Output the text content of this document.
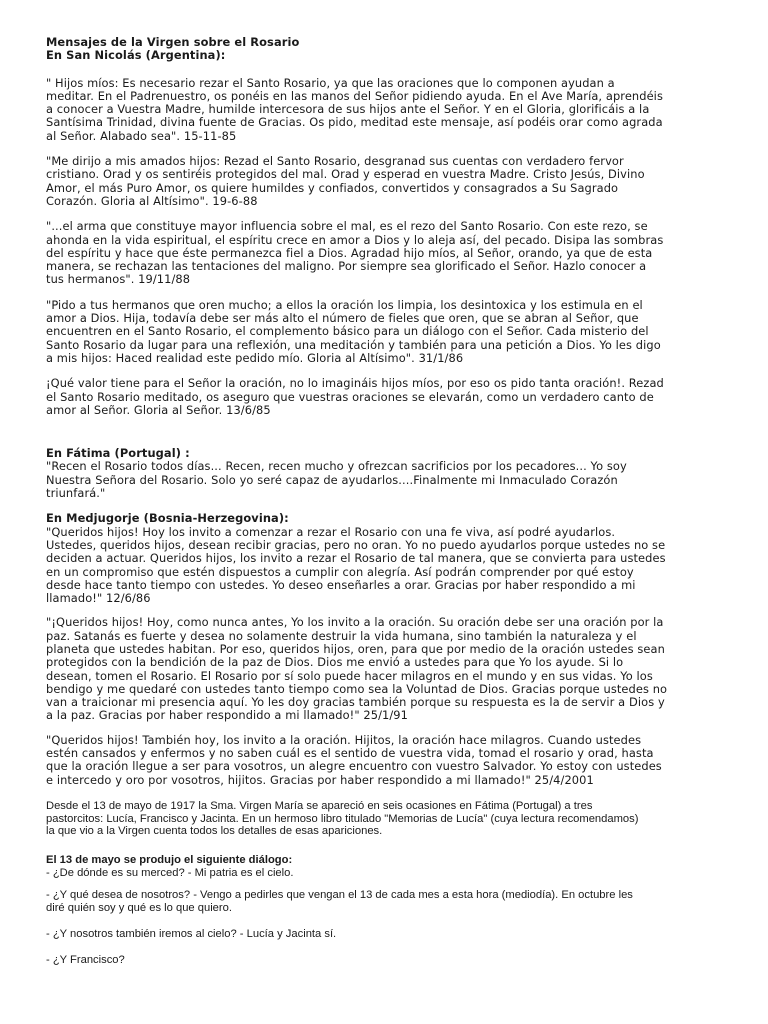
Mensajes de la Virgen sobre el Rosario

En San Nicolás (Argentina):

" Hijos míos: Es necesario rezar el Santo Rosario, ya que las oraciones que lo componen ayudan a
meditar. En el Padrenuestro, os ponéis en las manos del Señor pidiendo ayuda. En el Ave María, aprendéis
a conocer a Vuestra Madre, humilde intercesora de sus hijos ante el Señor. Y en el Gloria, glorificáis a la
Santísima Trinidad, divina fuente de Gracias. Os pido, meditad este mensaje, así podéis orar como agrada
al Señor. Alabado sea". 15-11-85

"Me dirijo a mis amados hijos: Rezad el Santo Rosario, desgranad sus cuentas con verdadero fervor
cristiano. Orad y os sentiréis protegidos del mal. Orad y esperad en vuestra Madre. Cristo Jesús, Divino
Amor, el más Puro Amor, os quiere humildes y confiados, convertidos y consagrados a Su Sagrado
Corazón. Gloria al Altísimo". 19-6-88

"...el arma que constituye mayor influencia sobre el mal, es el rezo del Santo Rosario. Con este rezo, se
ahonda en la vida espiritual, el espíritu crece en amor a Dios y lo aleja así, del pecado. Disipa las sombras
del espíritu y hace que éste permanezca fiel a Dios. Agradad hijo míos, al Señor, orando, ya que de esta
manera, se rechazan las tentaciones del maligno. Por siempre sea glorificado el Señor. Hazlo conocer a
tus hermanos". 19/11/88

"Pido a tus hermanos que oren mucho; a ellos la oración los limpia, los desintoxica y los estimula en el
amor a Dios. Hija, todavía debe ser más alto el número de fieles que oren, que se abran al Señor, que
encuentren en el Santo Rosario, el complemento básico para un diálogo con el Señor. Cada misterio del
Santo Rosario da lugar para una reflexión, una meditación y también para una petición a Dios. Yo les digo
a mis hijos: Haced realidad este pedido mío. Gloria al Altísimo". 31/1/86

¡Qué valor tiene para el Señor la oración, no lo imagináis hijos míos, por eso os pido tanta oración!. Rezad
el Santo Rosario meditado, os aseguro que vuestras oraciones se elevarán, como un verdadero canto de
amor al Señor. Gloria al Señor. 13/6/85

En Fátima (Portugal) :

"Recen el Rosario todos días... Recen, recen mucho y ofrezcan sacrificios por los pecadores... Yo soy
Nuestra Señora del Rosario. Solo yo seré capaz de ayudarlos....Finalmente mi Inmaculado Corazón
triunfará."

En Medjugorje (Bosnia-Herzegovina):

"Queridos hijos! Hoy los invito a comenzar a rezar el Rosario con una fe viva, así podré ayudarlos.
Ustedes, queridos hijos, desean recibir gracias, pero no oran. Yo no puedo ayudarlos porque ustedes no se
deciden a actuar. Queridos hijos, los invito a rezar el Rosario de tal manera, que se convierta para ustedes
en un compromiso que estén dispuestos a cumplir con alegría. Así podrán comprender por qué estoy
desde hace tanto tiempo con ustedes. Yo deseo enseñarles a orar. Gracias por haber respondido a mi
llamado!" 12/6/86

"¡Queridos hijos! Hoy, como nunca antes, Yo los invito a la oración. Su oración debe ser una oración por la
paz. Satanás es fuerte y desea no solamente destruir la vida humana, sino también la naturaleza y el
planeta que ustedes habitan. Por eso, queridos hijos, oren, para que por medio de la oración ustedes sean
protegidos con la bendición de la paz de Dios. Dios me envió a ustedes para que Yo los ayude. Si lo
desean, tomen el Rosario. El Rosario por sí solo puede hacer milagros en el mundo y en sus vidas. Yo los
bendigo y me quedaré con ustedes tanto tiempo como sea la Voluntad de Dios. Gracias porque ustedes no
van a traicionar mi presencia aquí. Yo les doy gracias también porque su respuesta es la de servir a Dios y
a la paz. Gracias por haber respondido a mi llamado!" 25/1/91

"Queridos hijos! También hoy, los invito a la oración. Hijitos, la oración hace milagros. Cuando ustedes
estén cansados y enfermos y no saben cuál es el sentido de vuestra vida, tomad el rosario y orad, hasta
que la oración llegue a ser para vosotros, un alegre encuentro con vuestro Salvador. Yo estoy con ustedes
e intercedo y oro por vosotros, hijitos. Gracias por haber respondido a mi llamado!" 25/4/2001

Desde el 13 de mayo de 1917 la Sma. Virgen María se apareció en seis ocasiones en Fátima (Portugal) a tres
pastorcitos: Lucía, Francisco y Jacinta. En un hermoso libro titulado "Memorias de Lucía" (cuya lectura recomendamos)
la que vio a la Virgen cuenta todos los detalles de esas apariciones.

El 13 de mayo se produjo el siguiente diálogo:

- ¿De dónde es su merced? - Mi patria es el cielo.

- ¿Y qué desea de nosotros? - Vengo a pedirles que vengan el 13 de cada mes a esta hora (mediodía). En octubre les
diré quién soy y qué es lo que quiero.

- ¿Y nosotros también iremos al cielo? - Lucía y Jacinta sí.

- ¿Y Francisco?
